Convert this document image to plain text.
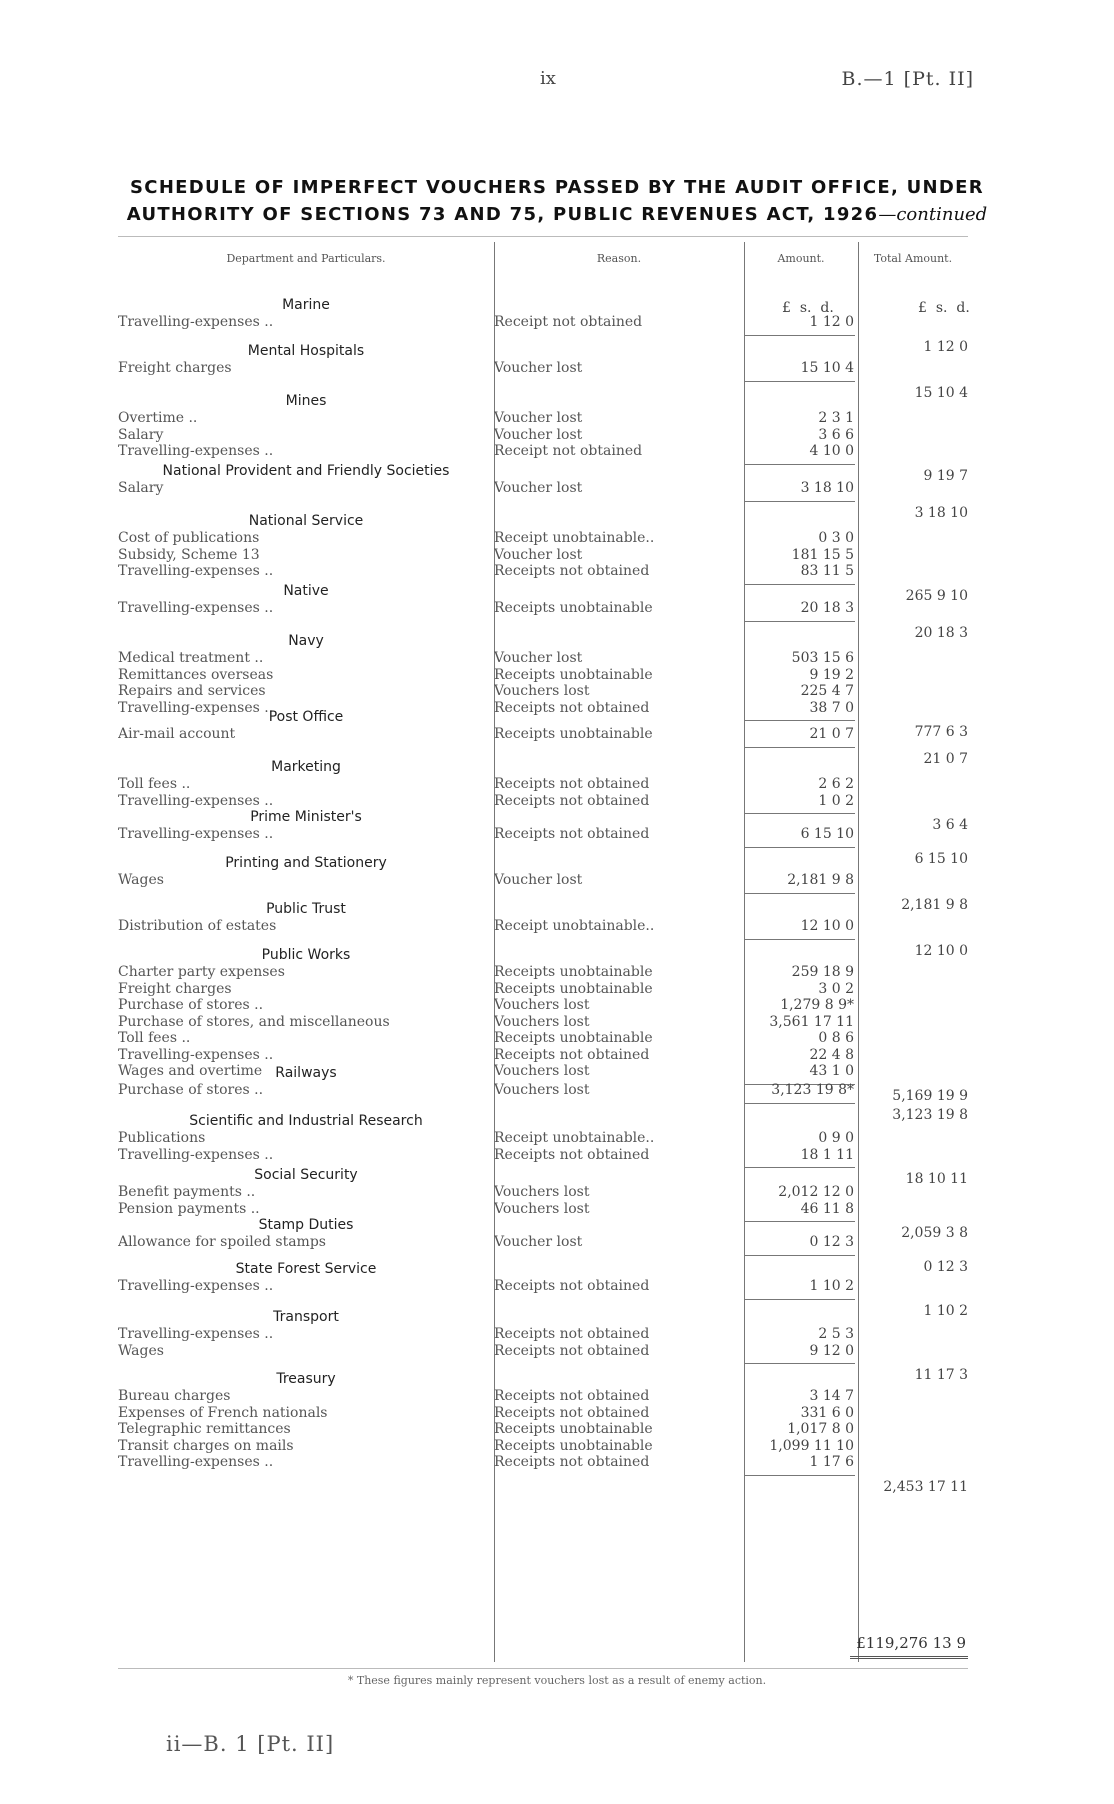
ix	B.—1 [Pt. II]
SCHEDULE OF IMPERFECT VOUCHERS PASSED BY THE AUDIT OFFICE, UNDER
AUTHORITY OF SECTIONS 73 AND 75, PUBLIC REVENUES ACT, 1926—continued
Department and Particulars.	Reason.	Amount.	Total Amount.
£ s. d.	£ s. d.
Marine
Travelling-expenses ..	Receipt not obtained	1 12 0
1 12 0
Mental Hospitals
Freight charges	Voucher lost	15 10 4
15 10 4
Mines
Overtime ..	Voucher lost	2 3 1
Salary	Voucher lost	3 6 6
Travelling-expenses ..	Receipt not obtained	4 10 0
9 19 7
National Provident and Friendly Societies
Salary	Voucher lost	3 18 10
3 18 10
National Service
Cost of publications	Receipt unobtainable..	0 3 0
Subsidy, Scheme 13	Voucher lost	181 15 5
Travelling-expenses ..	Receipts not obtained	83 11 5
265 9 10
Native
Travelling-expenses ..	Receipts unobtainable	20 18 3
20 18 3
Navy
Medical treatment ..	Voucher lost	503 15 6
Remittances overseas	Receipts unobtainable	9 19 2
Repairs and services	Vouchers lost	225 4 7
Travelling-expenses ..	Receipts not obtained	38 7 0
777 6 3
Post Office
Air-mail account	Receipts unobtainable	21 0 7
21 0 7
Marketing
Toll fees ..	Receipts not obtained	2 6 2
Travelling-expenses ..	Receipts not obtained	1 0 2
3 6 4
Prime Minister's
Travelling-expenses ..	Receipts not obtained	6 15 10
6 15 10
Printing and Stationery
Wages	Voucher lost	2,181 9 8
2,181 9 8
Public Trust
Distribution of estates	Receipt unobtainable..	12 10 0
12 10 0
Public Works
Charter party expenses	Receipts unobtainable	259 18 9
Freight charges	Receipts unobtainable	3 0 2
Purchase of stores ..	Vouchers lost	1,279 8 9*
Purchase of stores, and miscellaneous	Vouchers lost	3,561 17 11
Toll fees ..	Receipts unobtainable	0 8 6
Travelling-expenses ..	Receipts not obtained	22 4 8
Wages and overtime	Vouchers lost	43 1 0
5,169 19 9
Railways
Purchase of stores ..	Vouchers lost	3,123 19 8*
3,123 19 8
Scientific and Industrial Research
Publications	Receipt unobtainable..	0 9 0
Travelling-expenses ..	Receipts not obtained	18 1 11
18 10 11
Social Security
Benefit payments ..	Vouchers lost	2,012 12 0
Pension payments ..	Vouchers lost	46 11 8
2,059 3 8
Stamp Duties
Allowance for spoiled stamps	Voucher lost	0 12 3
0 12 3
State Forest Service
Travelling-expenses ..	Receipts not obtained	1 10 2
1 10 2
Transport
Travelling-expenses ..	Receipts not obtained	2 5 3
Wages	Receipts not obtained	9 12 0
11 17 3
Treasury
Bureau charges	Receipts not obtained	3 14 7
Expenses of French nationals	Receipts not obtained	331 6 0
Telegraphic remittances	Receipts unobtainable	1,017 8 0
Transit charges on mails	Receipts unobtainable	1,099 11 10
Travelling-expenses ..	Receipts not obtained	1 17 6
2,453 17 11
£119,276 13 9
* These figures mainly represent vouchers lost as a result of enemy action.
ii—B. 1 [Pt. II]
